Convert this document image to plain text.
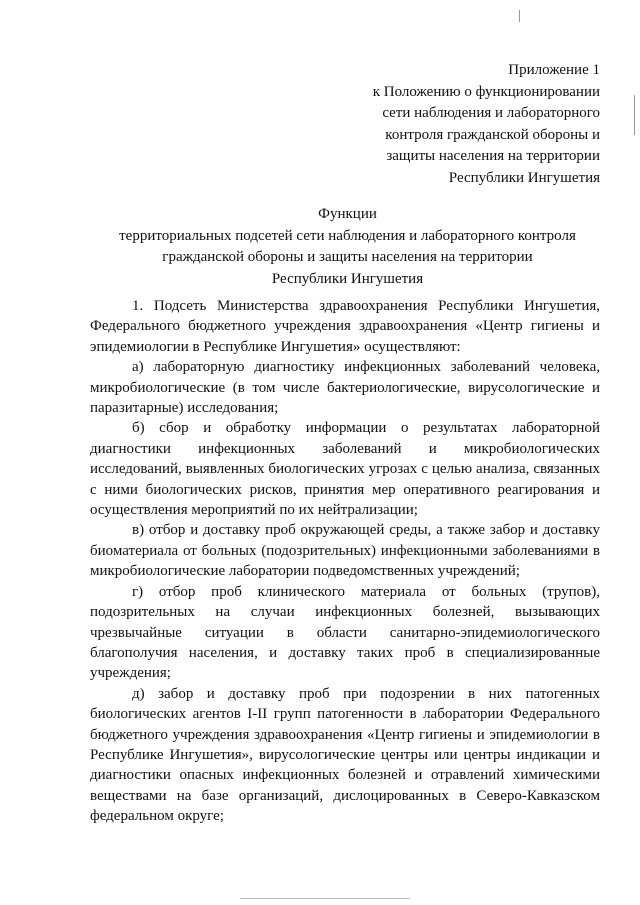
Приложение 1
к Положению о функционировании
сети наблюдения и лабораторного
контроля гражданской обороны и
защиты населения на территории
Республики Ингушетия
Функции
территориальных подсетей сети наблюдения и лабораторного контроля
гражданской обороны и защиты населения на территории
Республики Ингушетия

1. Подсеть Министерства здравоохранения Республики Ингушетия, Федерального бюджетного учреждения здравоохранения «Центр гигиены и эпидемиологии в Республике Ингушетия» осуществляют:

а) лабораторную диагностику инфекционных заболеваний человека, микробиологические (в том числе бактериологические, вирусологические и паразитарные) исследования;

б) сбор и обработку информации о результатах лабораторной диагностики инфекционных заболеваний и микробиологических исследований, выявленных биологических угрозах с целью анализа, связанных с ними биологических рисков, принятия мер оперативного реагирования и осуществления мероприятий по их нейтрализации;

в) отбор и доставку проб окружающей среды, а также забор и доставку биоматериала от больных (подозрительных) инфекционными заболеваниями в микробиологические лаборатории подведомственных учреждений;

г) отбор проб клинического материала от больных (трупов), подозрительных на случаи инфекционных болезней, вызывающих чрезвычайные ситуации в области санитарно-эпидемиологического благополучия населения, и доставку таких проб в специализированные учреждения;

д) забор и доставку проб при подозрении в них патогенных биологических агентов I-II групп патогенности в лаборатории Федерального бюджетного учреждения здравоохранения «Центр гигиены и эпидемиологии в Республике Ингушетия», вирусологические центры или центры индикации и диагностики опасных инфекционных болезней и отравлений химическими веществами на базе организаций, дислоцированных в Северо-Кавказском федеральном округе;
